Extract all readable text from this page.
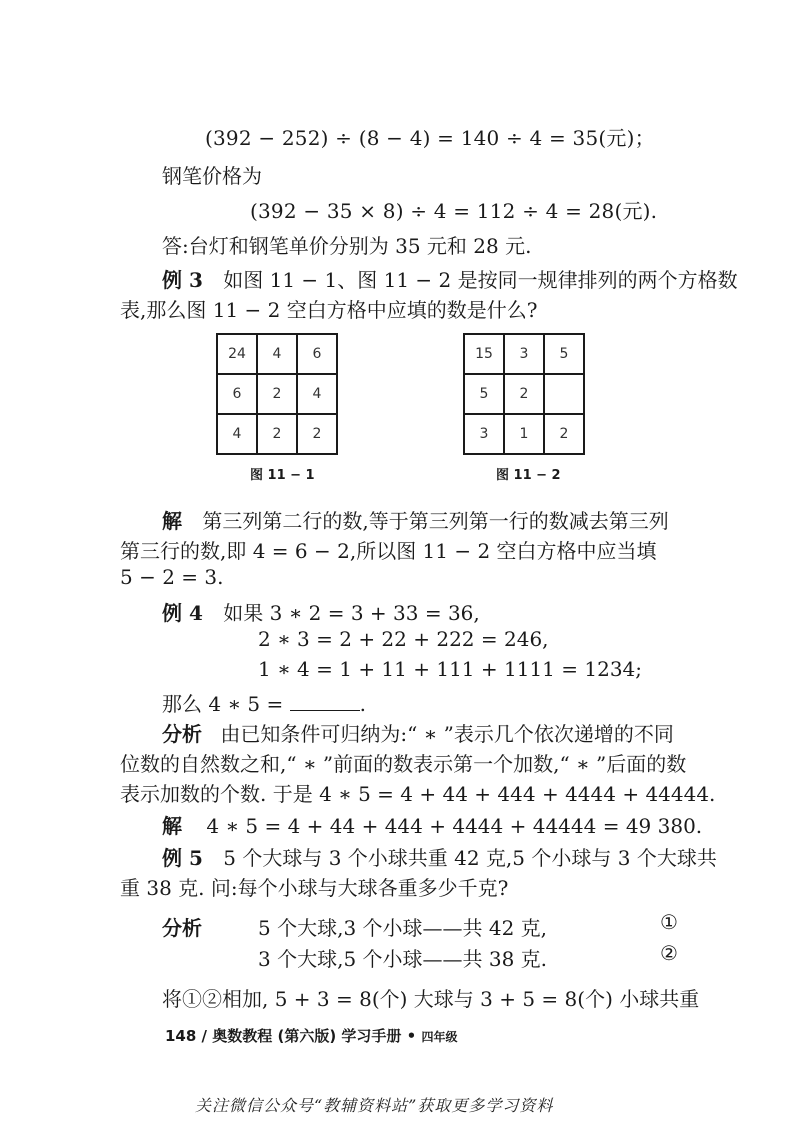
(392 − 252) ÷ (8 − 4) = 140 ÷ 4 = 35(元)；
钢笔价格为
(392 − 35 × 8) ÷ 4 = 112 ÷ 4 = 28(元).
答:台灯和钢笔单价分别为 35 元和 28 元.
例 3 如图 11 − 1、图 11 − 2 是按同一规律排列的两个方格数
表,那么图 11 − 2 空白方格中应填的数是什么?
24	4	6
6	2	4
4	2	2
图 11 − 1
15	3	5
5	2
3	1	2
图 11 − 2
解 第三列第二行的数,等于第三列第一行的数减去第三列
第三行的数,即 4 = 6 − 2,所以图 11 − 2 空白方格中应当填
5 − 2 = 3.
例 4 如果 3 ∗ 2 = 3 + 33 = 36,
2 ∗ 3 = 2 + 22 + 222 = 246,
1 ∗ 4 = 1 + 11 + 111 + 1111 = 1234;
那么 4 ∗ 5 =	.
分析 由已知条件可归纳为:“ ∗ ”表示几个依次递增的不同
位数的自然数之和,“ ∗ ”前面的数表示第一个加数,“ ∗ ”后面的数
表示加数的个数. 于是 4 ∗ 5 = 4 + 44 + 444 + 4444 + 44444.
解 4 ∗ 5 = 4 + 44 + 444 + 4444 + 44444 = 49 380.
例 5 5 个大球与 3 个小球共重 42 克,5 个小球与 3 个大球共
重 38 克. 问:每个小球与大球各重多少千克?
分析	5 个大球,3 个小球——共 42 克,	①
3 个大球,5 个小球——共 38 克.	②
将①②相加, 5 + 3 = 8(个) 大球与 3 + 5 = 8(个) 小球共重
148 / 奥数教程 (第六版) 学习手册 • 四年级
关注微信公众号“教辅资料站”获取更多学习资料
